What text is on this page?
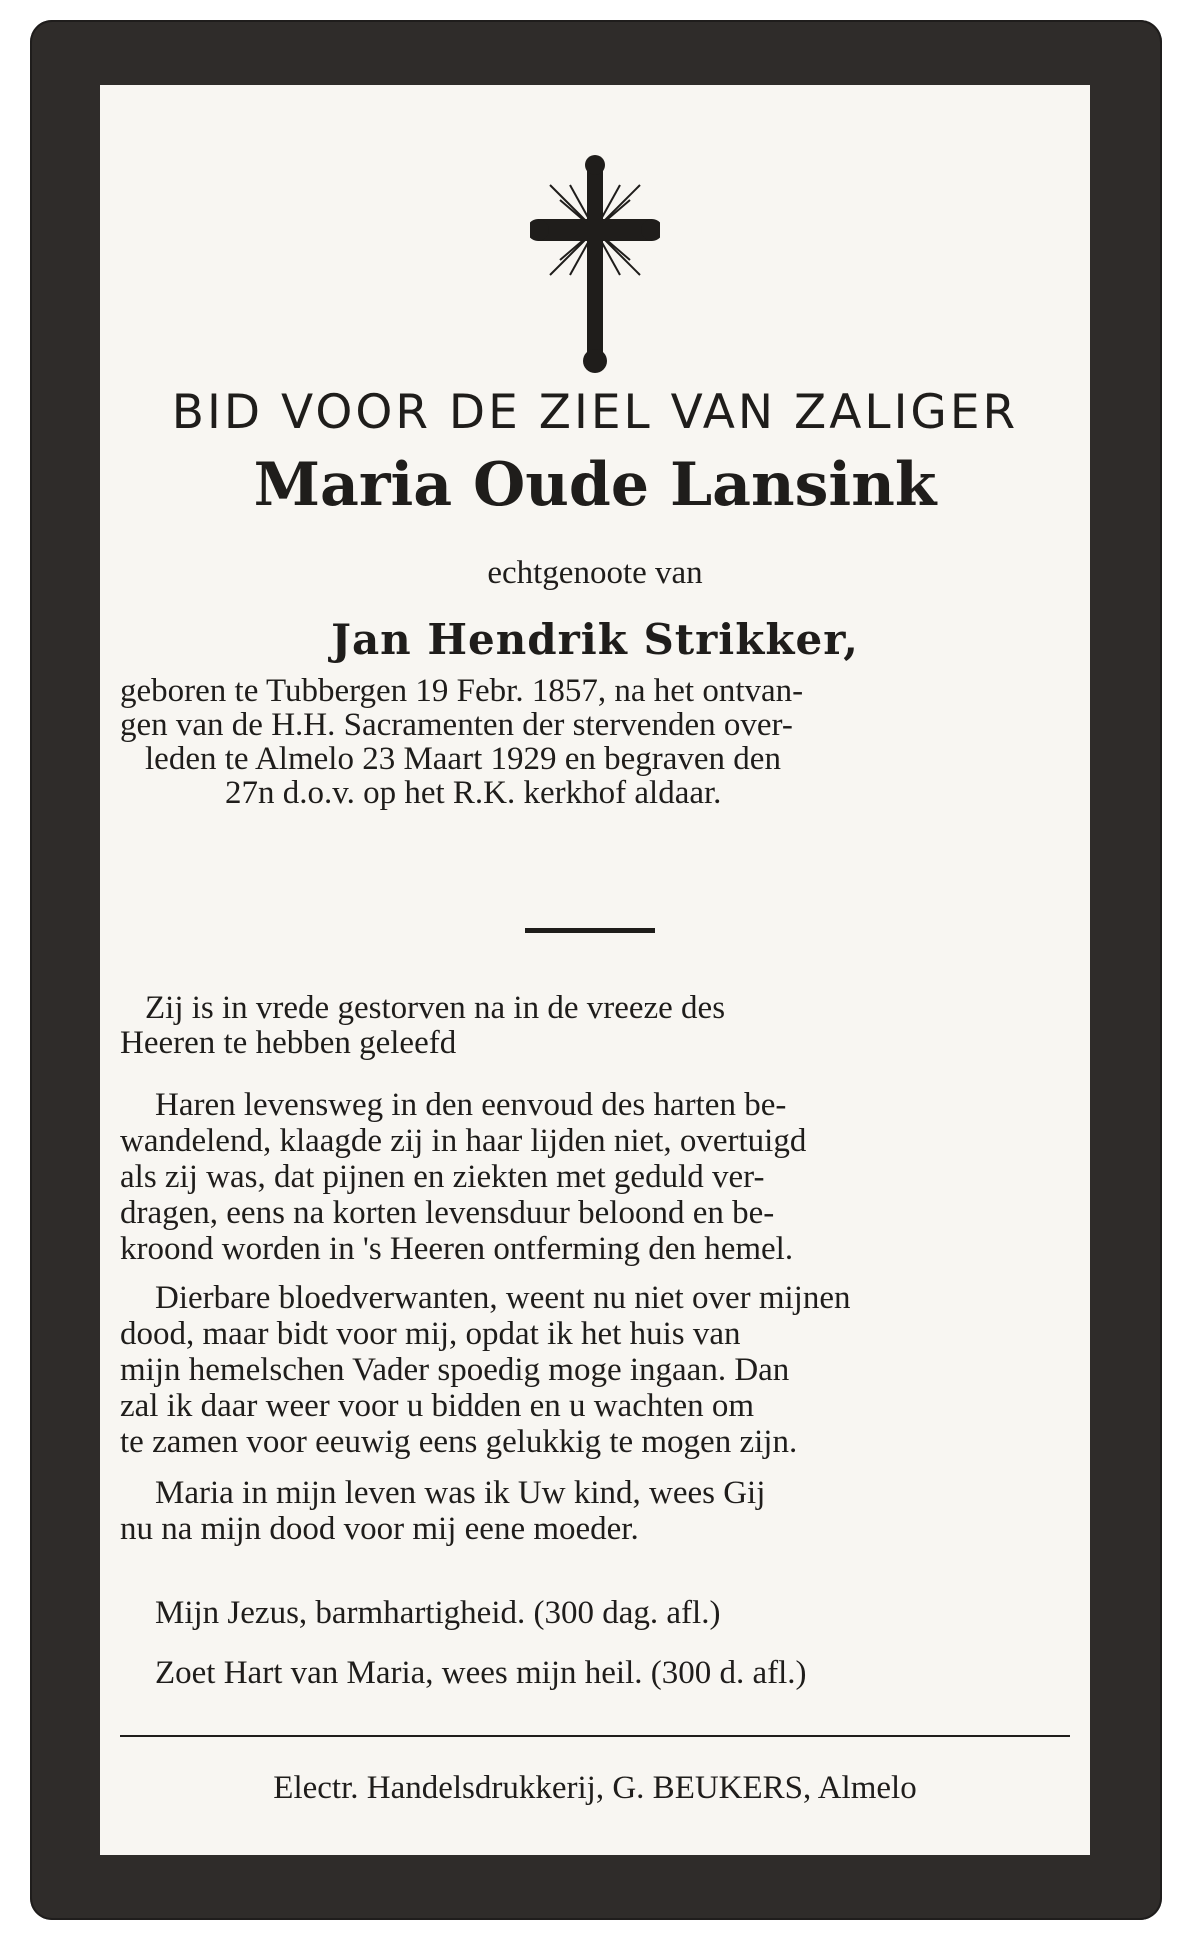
BID VOOR DE ZIEL VAN ZALIGER
Maria Oude Lansink
echtgenoote van
Jan Hendrik Strikker,
geboren te Tubbergen 19 Febr. 1857, na het ontvan-
gen van de H.H. Sacramenten der stervenden over-
leden te Almelo 23 Maart 1929 en begraven den
27n d.o.v. op het R.K. kerkhof aldaar.
Zij is in vrede gestorven na in de vreeze des
Heeren te hebben geleefd
Haren levensweg in den eenvoud des harten be-
wandelend, klaagde zij in haar lijden niet, overtuigd
als zij was, dat pijnen en ziekten met geduld ver-
dragen, eens na korten levensduur beloond en be-
kroond worden in 's Heeren ontferming den hemel.
Dierbare bloedverwanten, weent nu niet over mijnen
dood, maar bidt voor mij, opdat ik het huis van
mijn hemelschen Vader spoedig moge ingaan. Dan
zal ik daar weer voor u bidden en u wachten om
te zamen voor eeuwig eens gelukkig te mogen zijn.
Maria in mijn leven was ik Uw kind, wees Gij
nu na mijn dood voor mij eene moeder.
Mijn Jezus, barmhartigheid. (300 dag. afl.)
Zoet Hart van Maria, wees mijn heil. (300 d. afl.)
Electr. Handelsdrukkerij, G. BEUKERS, Almelo
